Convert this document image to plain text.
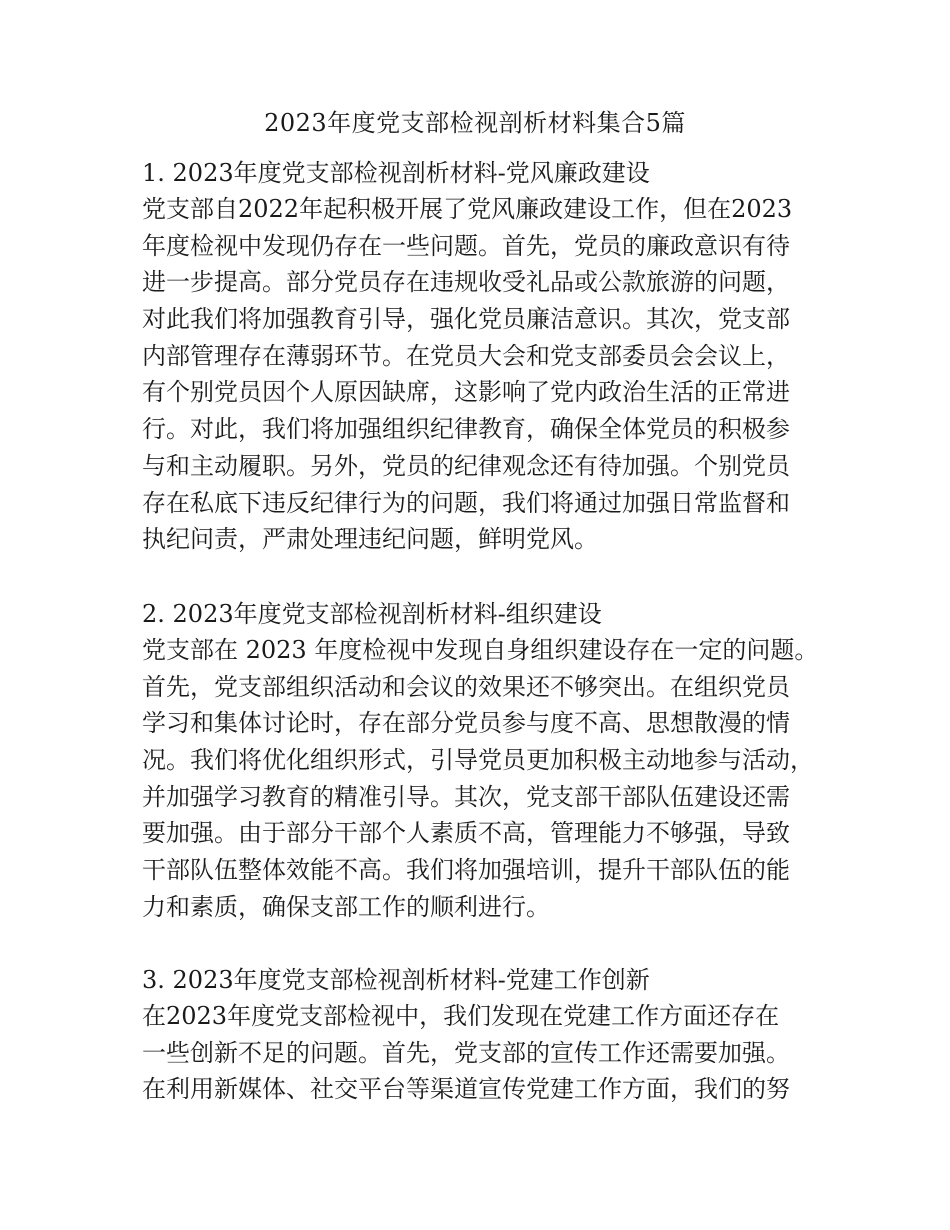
2023年度党支部检视剖析材料集合5篇
1. 2023年度党支部检视剖析材料-党风廉政建设
党支部自2022年起积极开展了党风廉政建设工作，但在2023
年度检视中发现仍存在一些问题。首先，党员的廉政意识有待
进一步提高。部分党员存在违规收受礼品或公款旅游的问题，
对此我们将加强教育引导，强化党员廉洁意识。其次，党支部
内部管理存在薄弱环节。在党员大会和党支部委员会会议上，
有个别党员因个人原因缺席，这影响了党内政治生活的正常进
行。对此，我们将加强组织纪律教育，确保全体党员的积极参
与和主动履职。另外，党员的纪律观念还有待加强。个别党员
存在私底下违反纪律行为的问题，我们将通过加强日常监督和
执纪问责，严肃处理违纪问题，鲜明党风。
2. 2023年度党支部检视剖析材料-组织建设
党支部在 2023 年度检视中发现自身组织建设存在一定的问题。
首先，党支部组织活动和会议的效果还不够突出。在组织党员
学习和集体讨论时，存在部分党员参与度不高、思想散漫的情
况。我们将优化组织形式，引导党员更加积极主动地参与活动，
并加强学习教育的精准引导。其次，党支部干部队伍建设还需
要加强。由于部分干部个人素质不高，管理能力不够强，导致
干部队伍整体效能不高。我们将加强培训，提升干部队伍的能
力和素质，确保支部工作的顺利进行。
3. 2023年度党支部检视剖析材料-党建工作创新
在2023年度党支部检视中，我们发现在党建工作方面还存在
一些创新不足的问题。首先，党支部的宣传工作还需要加强。
在利用新媒体、社交平台等渠道宣传党建工作方面，我们的努
